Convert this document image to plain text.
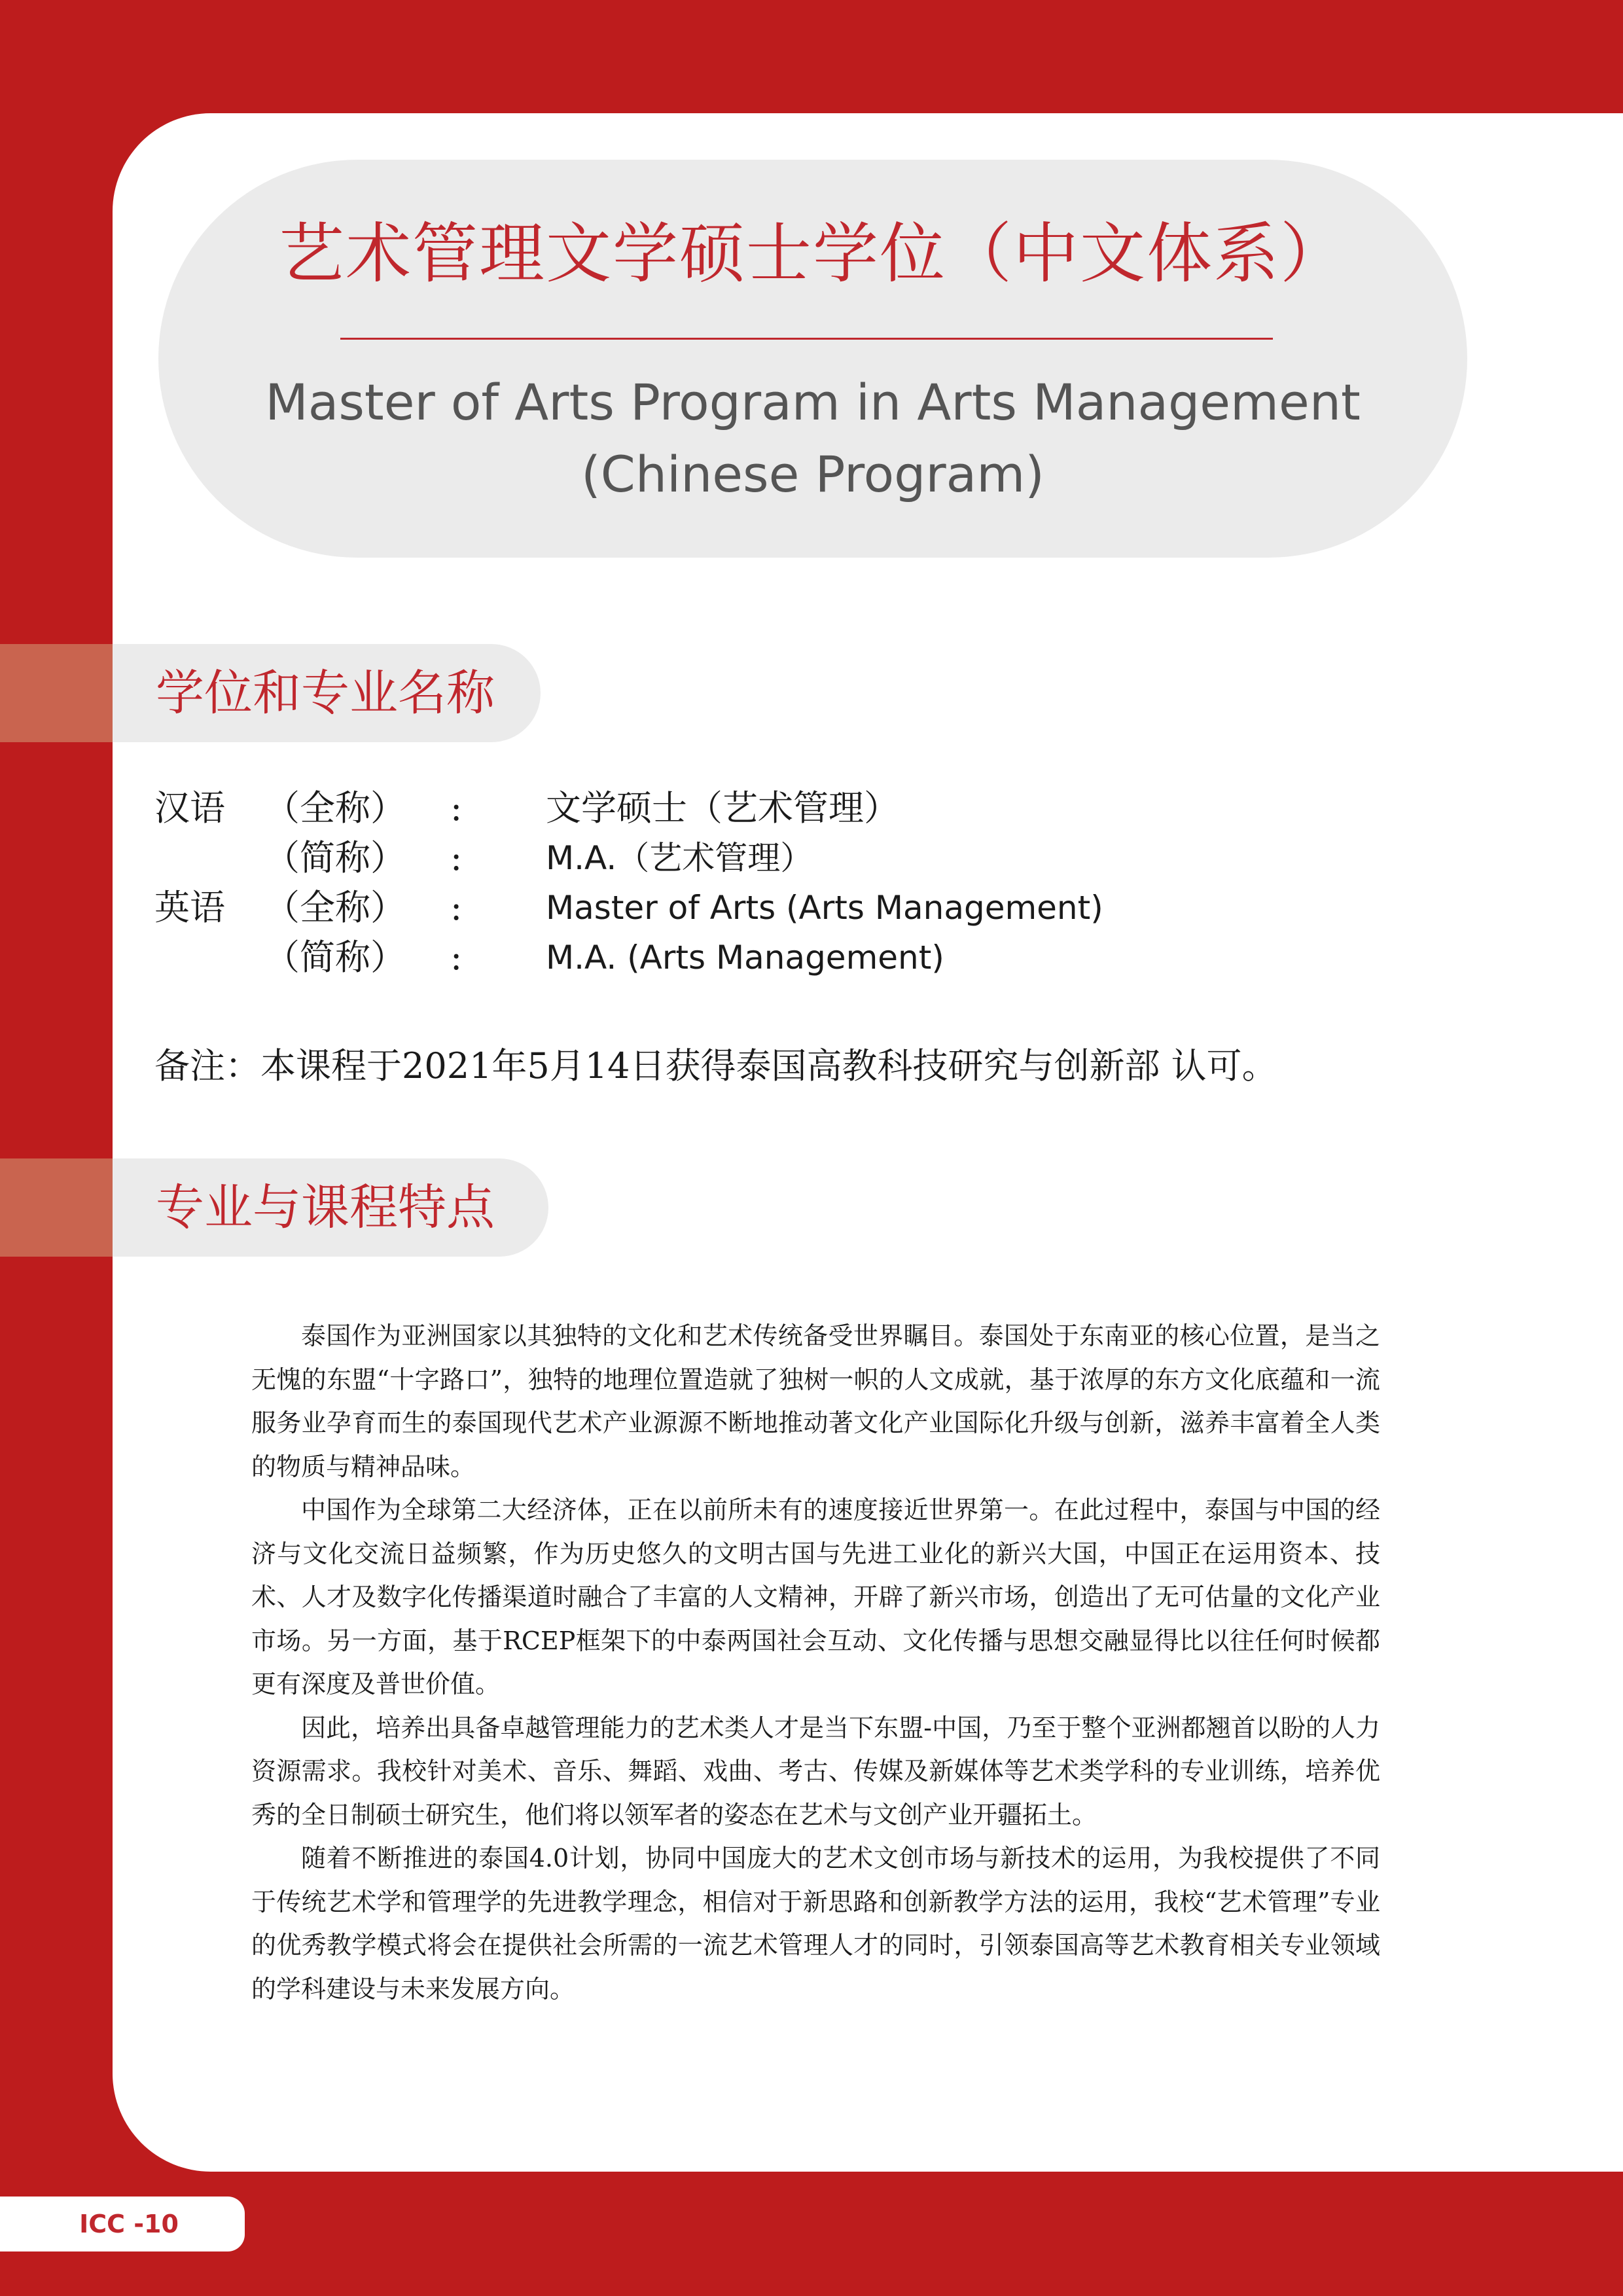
艺术管理文学硕士学位（中文体系）
Master of Arts Program in Arts Management
(Chinese Program)
学位和专业名称
汉语 （全称） : 文学硕士（艺术管理）
（简称） :	M.A.（艺术管理）
英语 （全称） :	Master of Arts (Arts Management)
（简称） :	M.A. (Arts Management)
备注：本课程于2021年5月14日获得泰国高教科技研究与创新部 认可。
专业与课程特点

泰国作为亚洲国家以其独特的文化和艺术传统备受世界瞩目。泰国处于东南亚的核心位置，是当之无愧的东盟“十字路口”，独特的地理位置造就了独树一帜的人文成就，基于浓厚的东方文化底蕴和一流服务业孕育而生的泰国现代艺术产业源源不断地推动著文化产业国际化升级与创新，滋养丰富着全人类的物质与精神品味。

中国作为全球第二大经济体，正在以前所未有的速度接近世界第一。在此过程中，泰国与中国的经济与文化交流日益频繁，作为历史悠久的文明古国与先进工业化的新兴大国，中国正在运用资本、技术、人才及数字化传播渠道时融合了丰富的人文精神，开辟了新兴市场，创造出了无可估量的文化产业市场。另一方面，基于RCEP框架下的中泰两国社会互动、文化传播与思想交融显得比以往任何时候都更有深度及普世价值。

因此，培养出具备卓越管理能力的艺术类人才是当下东盟-中国，乃至于整个亚洲都翘首以盼的人力资源需求。我校针对美术、音乐、舞蹈、戏曲、考古、传媒及新媒体等艺术类学科的专业训练，培养优秀的全日制硕士研究生，他们将以领军者的姿态在艺术与文创产业开疆拓土。

随着不断推进的泰国4.0计划，协同中国庞大的艺术文创市场与新技术的运用，为我校提供了不同于传统艺术学和管理学的先进教学理念，相信对于新思路和创新教学方法的运用，我校“艺术管理”专业的优秀教学模式将会在提供社会所需的一流艺术管理人才的同时，引领泰国高等艺术教育相关专业领域的学科建设与未来发展方向。

ICC -10
